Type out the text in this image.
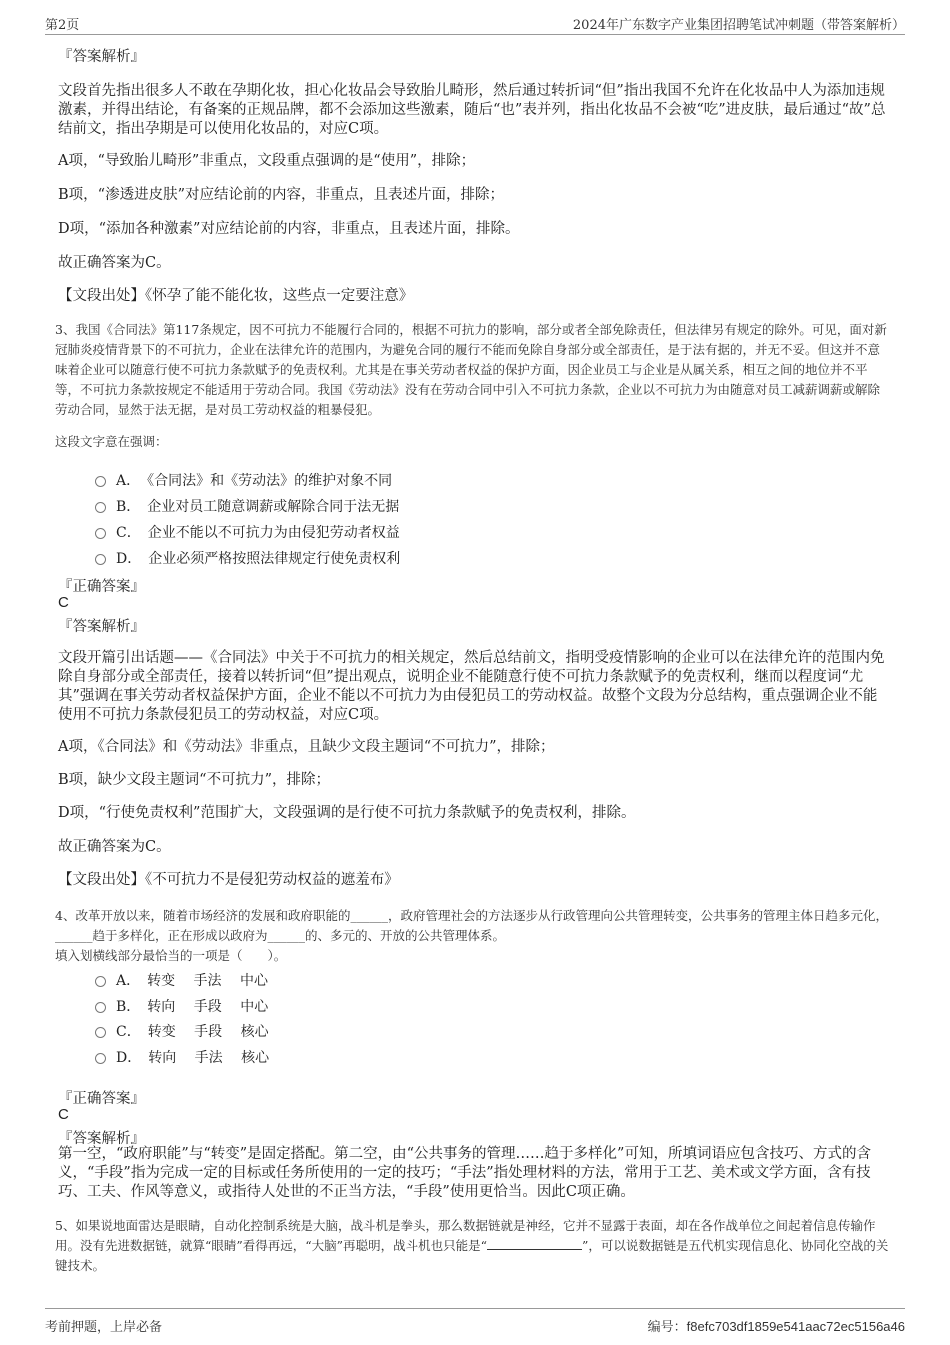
第2页	2024年广东数字产业集团招聘笔试冲刺题（带答案解析）
『答案解析』
文段首先指出很多人不敢在孕期化妆，担心化妆品会导致胎儿畸形，然后通过转折词“但”指出我国不允许在化妆品中人为添加违规激素，并得出结论，有备案的正规品牌，都不会添加这些激素，随后“也”表并列，指出化妆品不会被“吃”进皮肤，最后通过“故”总结前文，指出孕期是可以使用化妆品的，对应C项。
A项，“导致胎儿畸形”非重点，文段重点强调的是“使用”，排除；
B项，“渗透进皮肤”对应结论前的内容，非重点，且表述片面，排除；
D项，“添加各种激素”对应结论前的内容，非重点，且表述片面，排除。
故正确答案为C。
【文段出处】《怀孕了能不能化妆，这些点一定要注意》
3、我国《合同法》第117条规定，因不可抗力不能履行合同的，根据不可抗力的影响，部分或者全部免除责任，但法律另有规定的除外。可见，面对新冠肺炎疫情背景下的不可抗力，企业在法律允许的范围内，为避免合同的履行不能而免除自身部分或全部责任，是于法有据的，并无不妥。但这并不意味着企业可以随意行使不可抗力条款赋予的免责权利。尤其是在事关劳动者权益的保护方面，因企业员工与企业是从属关系，相互之间的地位并不平等，不可抗力条款按规定不能适用于劳动合同。我国《劳动法》没有在劳动合同中引入不可抗力条款，企业以不可抗力为由随意对员工减薪调薪或解除劳动合同，显然于法无据，是对员工劳动权益的粗暴侵犯。
这段文字意在强调：
A．　《合同法》和《劳动法》的维护对象不同
B．　企业对员工随意调薪或解除合同于法无据
C．　企业不能以不可抗力为由侵犯劳动者权益
D．　企业必须严格按照法律规定行使免责权利
『正确答案』
C
『答案解析』
文段开篇引出话题——《合同法》中关于不可抗力的相关规定，然后总结前文，指明受疫情影响的企业可以在法律允许的范围内免除自身部分或全部责任，接着以转折词“但”提出观点，说明企业不能随意行使不可抗力条款赋予的免责权利，继而以程度词“尤其”强调在事关劳动者权益保护方面，企业不能以不可抗力为由侵犯员工的劳动权益。故整个文段为分总结构，重点强调企业不能使用不可抗力条款侵犯员工的劳动权益，对应C项。
A项，《合同法》和《劳动法》非重点，且缺少文段主题词“不可抗力”，排除；
B项，缺少文段主题词“不可抗力”，排除；
D项，“行使免责权利”范围扩大，文段强调的是行使不可抗力条款赋予的免责权利，排除。
故正确答案为C。
【文段出处】《不可抗力不是侵犯劳动权益的遮羞布》
4、改革开放以来，随着市场经济的发展和政府职能的______，政府管理社会的方法逐步从行政管理向公共管理转变，公共事务的管理主体日趋多元化，______趋于多样化，正在形成以政府为______的、多元的、开放的公共管理体系。
填入划横线部分最恰当的一项是（　　）。
A．　转变　 手法　 中心
B．　转向　 手段　 中心
C．　转变　 手段　 核心
D．　转向　 手法　 核心
『正确答案』
C
『答案解析』
第一空，“政府职能”与“转变”是固定搭配。第二空，由“公共事务的管理……趋于多样化”可知，所填词语应包含技巧、方式的含义，“手段”指为完成一定的目标或任务所使用的一定的技巧；“手法”指处理材料的方法，常用于工艺、美术或文学方面，含有技巧、工夫、作风等意义，或指待人处世的不正当方法，“手段”使用更恰当。因此C项正确。
5、如果说地面雷达是眼睛，自动化控制系统是大脑，战斗机是拳头，那么数据链就是神经，它并不显露于表面，却在各作战单位之间起着信息传输作用。没有先进数据链，就算“眼睛”看得再远，“大脑”再聪明，战斗机也只能是“	”，可以说数据链是五代机实现信息化、协同化空战的关键技术。
考前押题，上岸必备	编号：f8efc703df1859e541aac72ec5156a46
